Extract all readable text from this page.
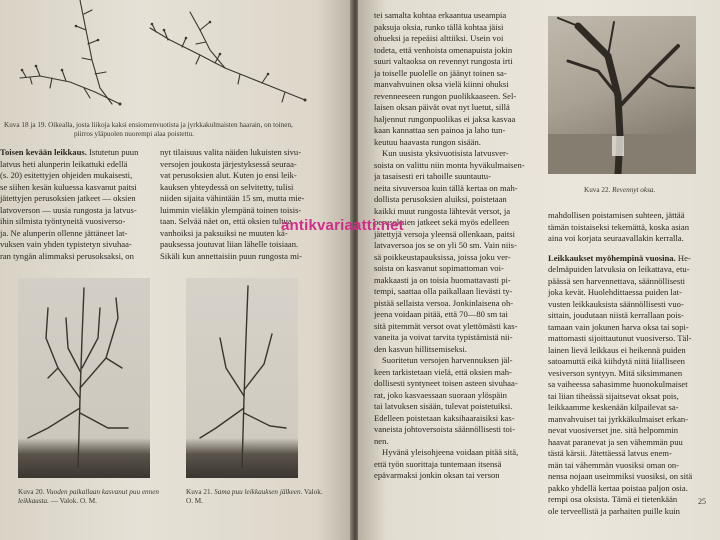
Kuva 18 ja 19. Oikealla, josta liikoja kaksi ensiomenvuotista ja jyrkkakulmaisten haarain, on toinen,
piirros yläpuolen nuorempi alaa poistettu.
Toisen kevään leikkaus. Istutetun puun
latvus heti alunperin leikattuki edellä
(s. 20) esitettyjen ohjeiden mukaisesti,
se siihen kesän kuluessa kasvanut paitsi
jätettyjen perusoksien jatkeet — oksien
latvoverson — uusia rungosta ja latvus-
ihin silmista työntyneitä vuosiverso-
ja. Ne alunperin ollenne jättäneet lat-
vuksen vain yhden typistetyn sivuhaa-
ran tyngän alimmaksi perusoksaksi, on
nyt tilaisuus valita näiden lukuisten sivu-
versojen joukosta järjestyksessä seuraa-
vat perusoksien alut. Kuten jo ensi leik-
kauksen yhteydessä on selvitetty, tulisi
niiden sijaita vähintään 15 sm, mutta mie-
luimmin vieläkin ylempänä toinen toisis-
taan. Selvää näet on, että oksien tultua
vanhoiksi ja paksuiksi ne muuten kä-
pauksessa joutuvat liian lähelle toisiaan.
Sikäli kun annettaisiin puun rungosta mi-
Kuva 20. Vuoden paikallaan kasvanut puu ennen leikkausta. — Valok. O. M.
Kuva 21. Sama puu leikkauksen jälkeen. Valok. O. M.
tei samalta kohtaa erkaantua useampia
paksuja oksia, runko tällä kohtaa jäisi
ohueksi ja repeäisi alttiiksi. Usein voi
todeta, että venhoista omenapuista jokin
suuri valtaoksa on revennyt rungosta irti
ja toiselle puolelle on jäänyt toinen sa-
manvahvuinen oksa vielä kiinni ohuksi
revenneeseen rungon puolikkaaseen. Sel-
laisen oksan päivät ovat nyt luetut, sillä
haljennut rungonpuolikas ei jaksa kasvaa
kaan kannattaa sen painoa ja laho tun-
keutuu haavasta rungon sisään.
Kun uusista yksivuotisista latvusver-
soista on valittu niin monta hyväkulmaisen-
ja tasaisesti eri tahoille suuntautu-
neita sivuversoa kuin tällä kertaa on mah-
dollista perusoksien aluiksi, poistetaan
kaikki muut rungosta lähtevät versot, ja
perusoksien jatkeet sekä myös edelleen
jätettyjä versoja yleensä ollenkaan, paitsi
latvaversoa jos se on yli 50 sm. Vain niis-
sä poikkeustapauksissa, joissa joku ver-
soista on kasvanut sopimattoman voi-
makkaasti ja on toisia huomattavasti pi-
tempi, saattaa olla paikallaan lievästi ty-
pistää sellaista versoa. Jonkinlaisena oh-
jeena voidaan pitää, että 70—80 sm tai
sitä pitemmät versot ovat ylettömästi kas-
vaneita ja voivat tarvita typistämistä nii-
den kasvun hillitsemiseksi.
Suoritetun versojen harvennuksen jäl-
keen tarkistetaan vielä, että oksien mah-
dollisesti syntyneet toisen asteen sivuhaa-
rat, joko kasvaessaan suoraan ylöspäin
tai latvuksen sisään, tulevat poistetuiksi.
Edelleen poistetaan kaksihaaraisiksi kas-
vaneista johtoversoista säännöllisesti toi-
nen.
Hyvänä yleisohjeena voidaan pitää sitä,
että työn suorittaja tuntemaan itsensä
epävarmaksi jonkin oksan tai verson
Kuva 22. Revennyt oksa.
mahdollisen poistamisen suhteen, jättää
tämän toistaiseksi tekemättä, koska asian
aina voi korjata seuraavallakin kerralla.
Leikkaukset myöhempinä vuosina. He-
delmäpuiden latvuksia on leikattava, etu-
päässä sen harvennettava, säännöllisesti
joka kevät. Huolehdittaessa puiden lat-
vusten leikkauksista säännöllisesti vuo-
sittain, joudutaan niistä kerrallaan pois-
tamaan vain jokunen harva oksa tai sopi-
mattomasti sijoittautunut vuosiverso. Täl-
lainen lievä leikkaus ei heikennä puiden
satoamuttä eikä kiihdytä niitä liialliseen
vesiverson syntyyn. Mitä siksimmanen
sa vaiheessa sahasimme huonokulmaiset
tai liian tiheässä sijaitsevat oksat pois,
leikkaamme keskenään kilpailevat sa-
manvahvuiset tai jyrkkäkulmaiset erkan-
nevat vuosiverset jne. sitä helpommin
haavat paranevat ja sen vähemmän puu
tästä kärsii. Jätettäessä latvus enem-
män tai vähemmän vuosiksi oman on-
nensa nojaan useimmiksi vuosiksi, on sitä
pakko yhdellä kertaa poistaa paljon osia.
rempi osa oksista. Tämä ei tietenkään
ole terveellistä ja parhaiten puille kuin
25
antikvariaatti.net
